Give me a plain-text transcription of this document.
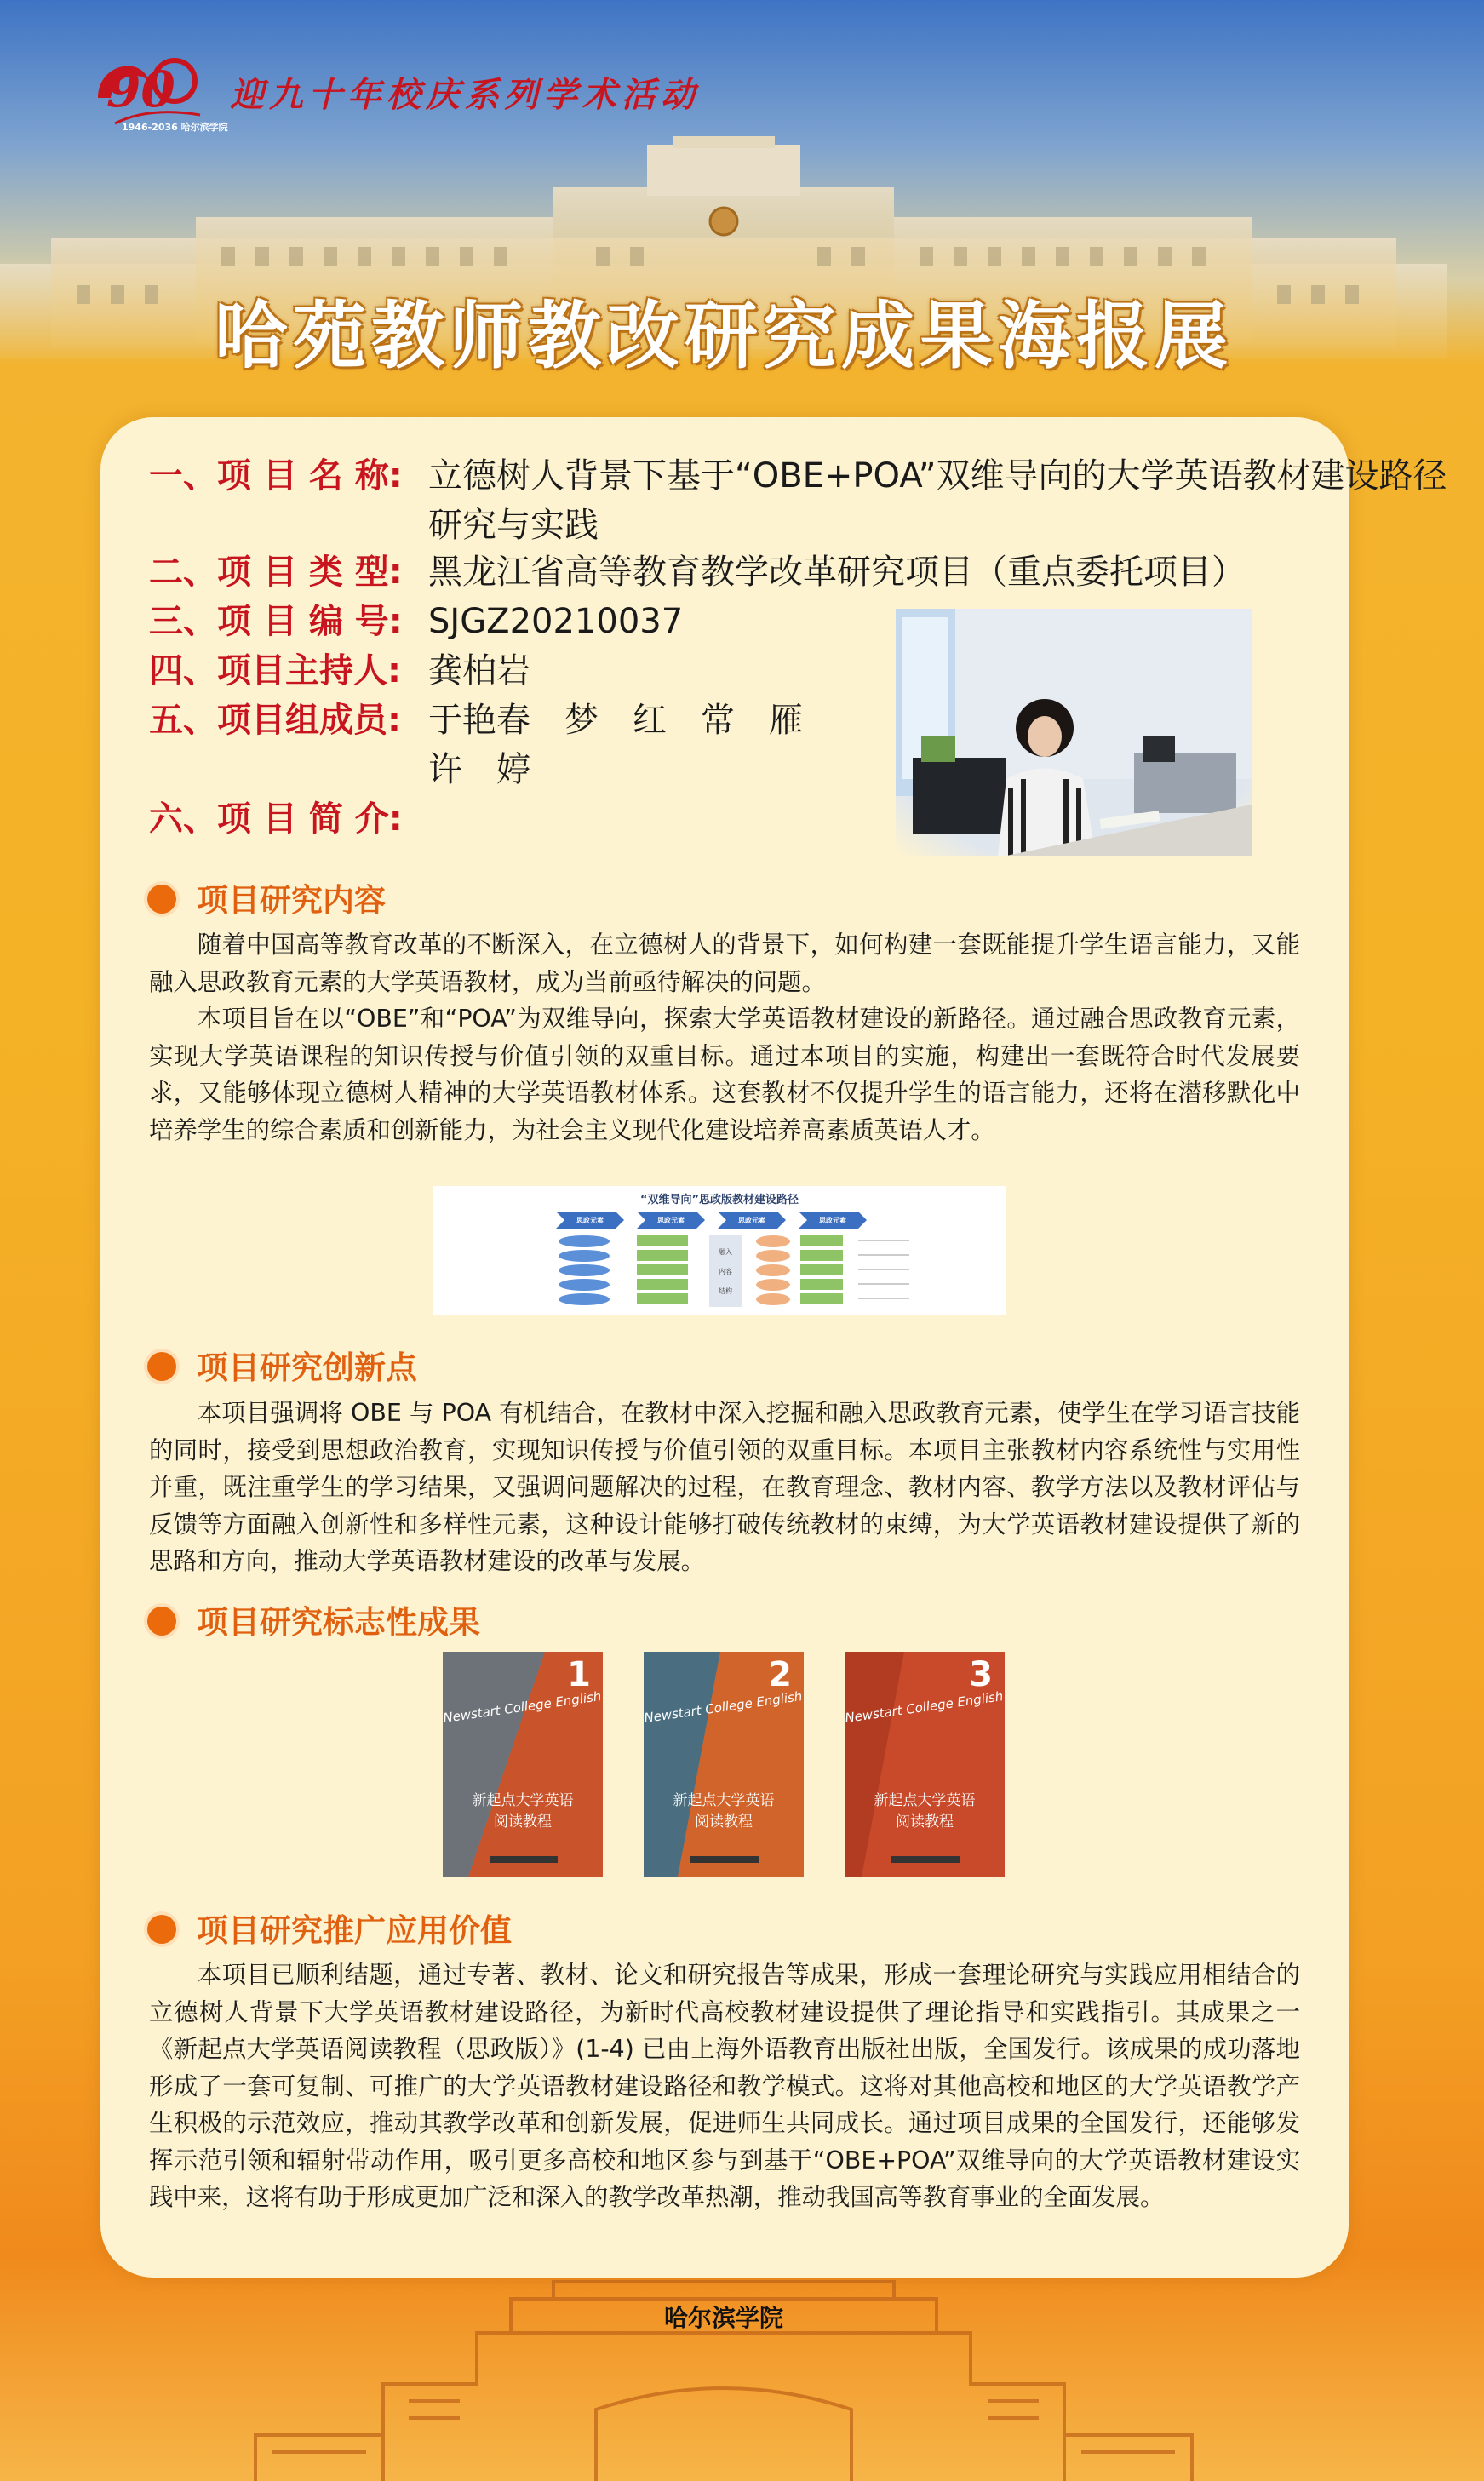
90
1946-2036 哈尔滨学院
迎九十年校庆系列学术活动
哈苑教师教改研究成果海报展
一、项 目 名 称: 立德树人背景下基于“OBE+POA”双维导向的大学英语教材建设路径研究与实践
二、项 目 类 型: 黑龙江省高等教育教学改革研究项目（重点委托项目）
三、项 目 编 号: SJGZ20210037
四、项目主持人: 龚柏岩
五、项目组成员: 于艳春　梦　红　常　雁
许　婷
六、项 目 简 介:
项目研究内容
随着中国高等教育改革的不断深入，在立德树人的背景下，如何构建一套既能提升学生语言能力，又能融入思政教育元素的大学英语教材，成为当前亟待解决的问题。
本项目旨在以“OBE”和“POA”为双维导向，探索大学英语教材建设的新路径。通过融合思政教育元素，实现大学英语课程的知识传授与价值引领的双重目标。通过本项目的实施，构建出一套既符合时代发展要求，又能够体现立德树人精神的大学英语教材体系。这套教材不仅提升学生的语言能力，还将在潜移默化中培养学生的综合素质和创新能力，为社会主义现代化建设培养高素质英语人才。
“双维导向”思政版教材建设路径
思政元素	思政元素	思政元素	思政元素
融入
内容
结构
项目研究创新点
本项目强调将 OBE 与 POA 有机结合，在教材中深入挖掘和融入思政教育元素，使学生在学习语言技能的同时，接受到思想政治教育，实现知识传授与价值引领的双重目标。本项目主张教材内容系统性与实用性并重，既注重学生的学习结果，又强调问题解决的过程，在教育理念、教材内容、教学方法以及教材评估与反馈等方面融入创新性和多样性元素，这种设计能够打破传统教材的束缚，为大学英语教材建设提供了新的思路和方向，推动大学英语教材建设的改革与发展。
项目研究标志性成果
1
Newstart College English
新起点大学英语
阅读教程
2
Newstart College English
新起点大学英语
阅读教程
3
Newstart College English
新起点大学英语
阅读教程
项目研究推广应用价值
本项目已顺利结题，通过专著、教材、论文和研究报告等成果，形成一套理论研究与实践应用相结合的立德树人背景下大学英语教材建设路径，为新时代高校教材建设提供了理论指导和实践指引。其成果之一《新起点大学英语阅读教程（思政版）》(1-4) 已由上海外语教育出版社出版，全国发行。该成果的成功落地形成了一套可复制、可推广的大学英语教材建设路径和教学模式。这将对其他高校和地区的大学英语教学产生积极的示范效应，推动其教学改革和创新发展，促进师生共同成长。通过项目成果的全国发行，还能够发挥示范引领和辐射带动作用，吸引更多高校和地区参与到基于“OBE+POA”双维导向的大学英语教材建设实践中来，这将有助于形成更加广泛和深入的教学改革热潮，推动我国高等教育事业的全面发展。
哈尔滨学院
